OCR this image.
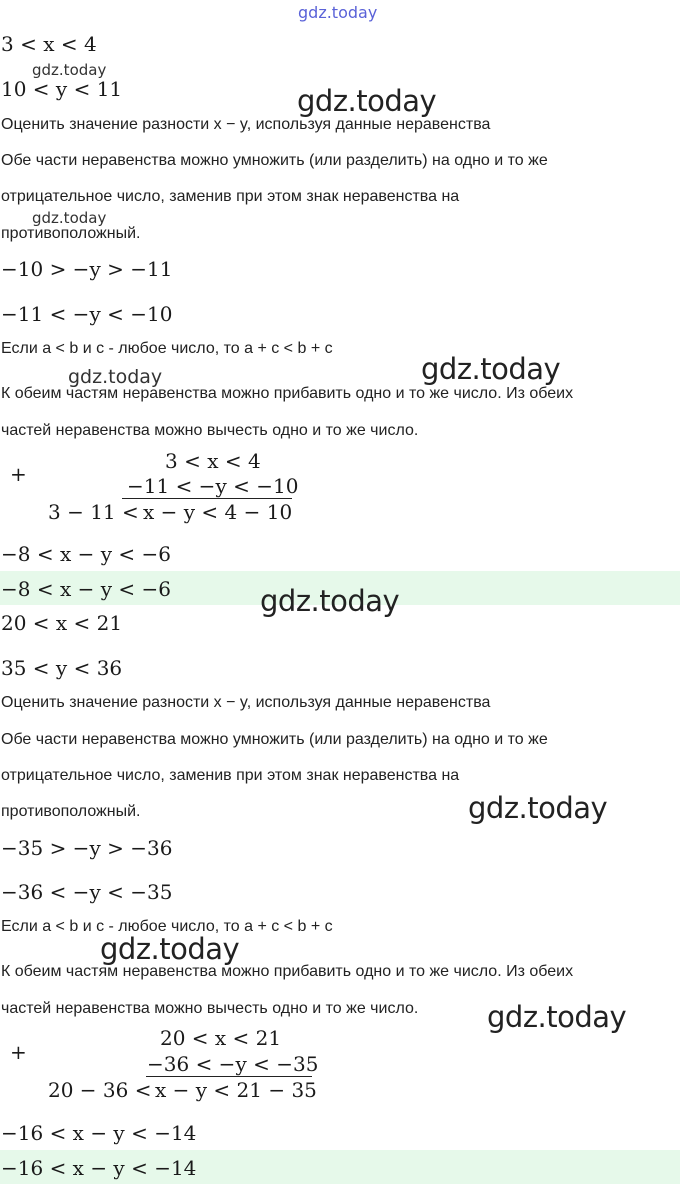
gdz.today
3 < x < 4
gdz.today
10 < y < 11	gdz.today
Оценить значение разности x − y, используя данные неравенства
Обе части неравенства можно умножить (или разделить) на одно и то же
отрицательное число, заменив при этом знак неравенства на
gdz.today
противоположный.
−10 > −y > −11
−11 < −y < −10
Если a < b и c - любое число, то a + c < b + c
gdz.today	gdz.today
К обеим частям неравенства можно прибавить одно и то же число. Из обеих
частей неравенства можно вычесть одно и то же число.
+
3 < x < 4
−11 < −y < −10
3 − 11 < x − y < 4 − 10
−8 < x − y < −6
−8 < x − y < −6	gdz.today
20 < x < 21
35 < y < 36
Оценить значение разности x − y, используя данные неравенства
Обе части неравенства можно умножить (или разделить) на одно и то же
отрицательное число, заменив при этом знак неравенства на
противоположный.	gdz.today
−35 > −y > −36
−36 < −y < −35
Если a < b и c - любое число, то a + c < b + c
gdz.today
К обеим частям неравенства можно прибавить одно и то же число. Из обеих
частей неравенства можно вычесть одно и то же число. gdz.today
+
20 < x < 21
−36 < −y < −35
20 − 36 < x − y < 21 − 35
−16 < x − y < −14
−16 < x − y < −14
